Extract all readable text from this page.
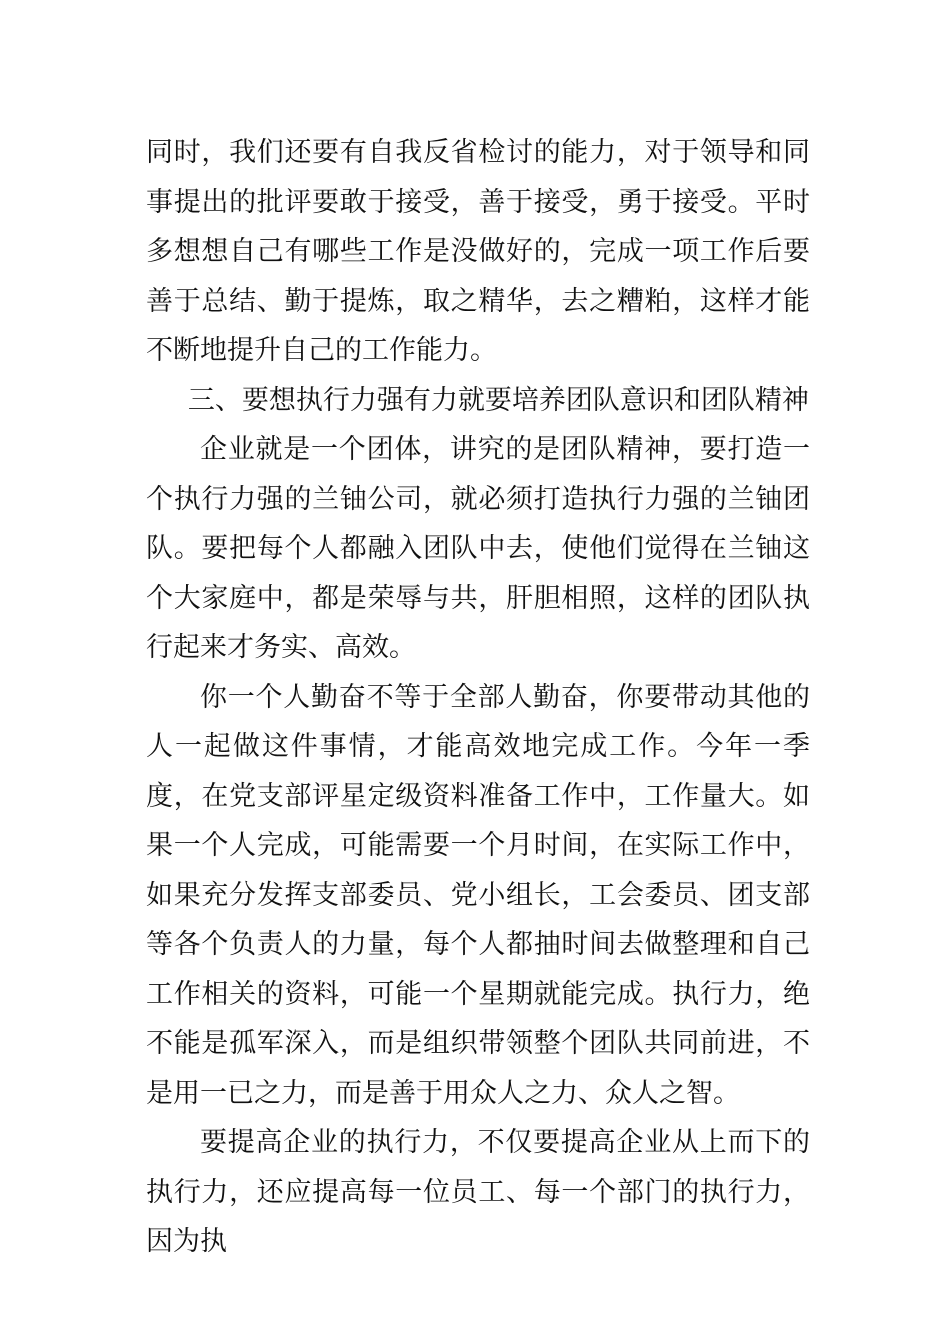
同时，我们还要有自我反省检讨的能力，对于领导和同事提出的批评要敢于接受，善于接受，勇于接受。平时多想想自己有哪些工作是没做好的，完成一项工作后要善于总结、勤于提炼，取之精华，去之糟粕，这样才能不断地提升自己的工作能力。

三、要想执行力强有力就要培养团队意识和团队精神

企业就是一个团体，讲究的是团队精神，要打造一个执行力强的兰铀公司，就必须打造执行力强的兰铀团队。要把每个人都融入团队中去，使他们觉得在兰铀这个大家庭中，都是荣辱与共，肝胆相照，这样的团队执行起来才务实、高效。

你一个人勤奋不等于全部人勤奋，你要带动其他的人一起做这件事情，才能高效地完成工作。今年一季度，在党支部评星定级资料准备工作中，工作量大。如果一个人完成，可能需要一个月时间，在实际工作中，如果充分发挥支部委员、党小组长，工会委员、团支部等各个负责人的力量，每个人都抽时间去做整理和自己工作相关的资料，可能一个星期就能完成。执行力，绝不能是孤军深入，而是组织带领整个团队共同前进，不是用一已之力，而是善于用众人之力、众人之智。

要提高企业的执行力，不仅要提高企业从上而下的执行力，还应提高每一位员工、每一个部门的执行力，因为执
